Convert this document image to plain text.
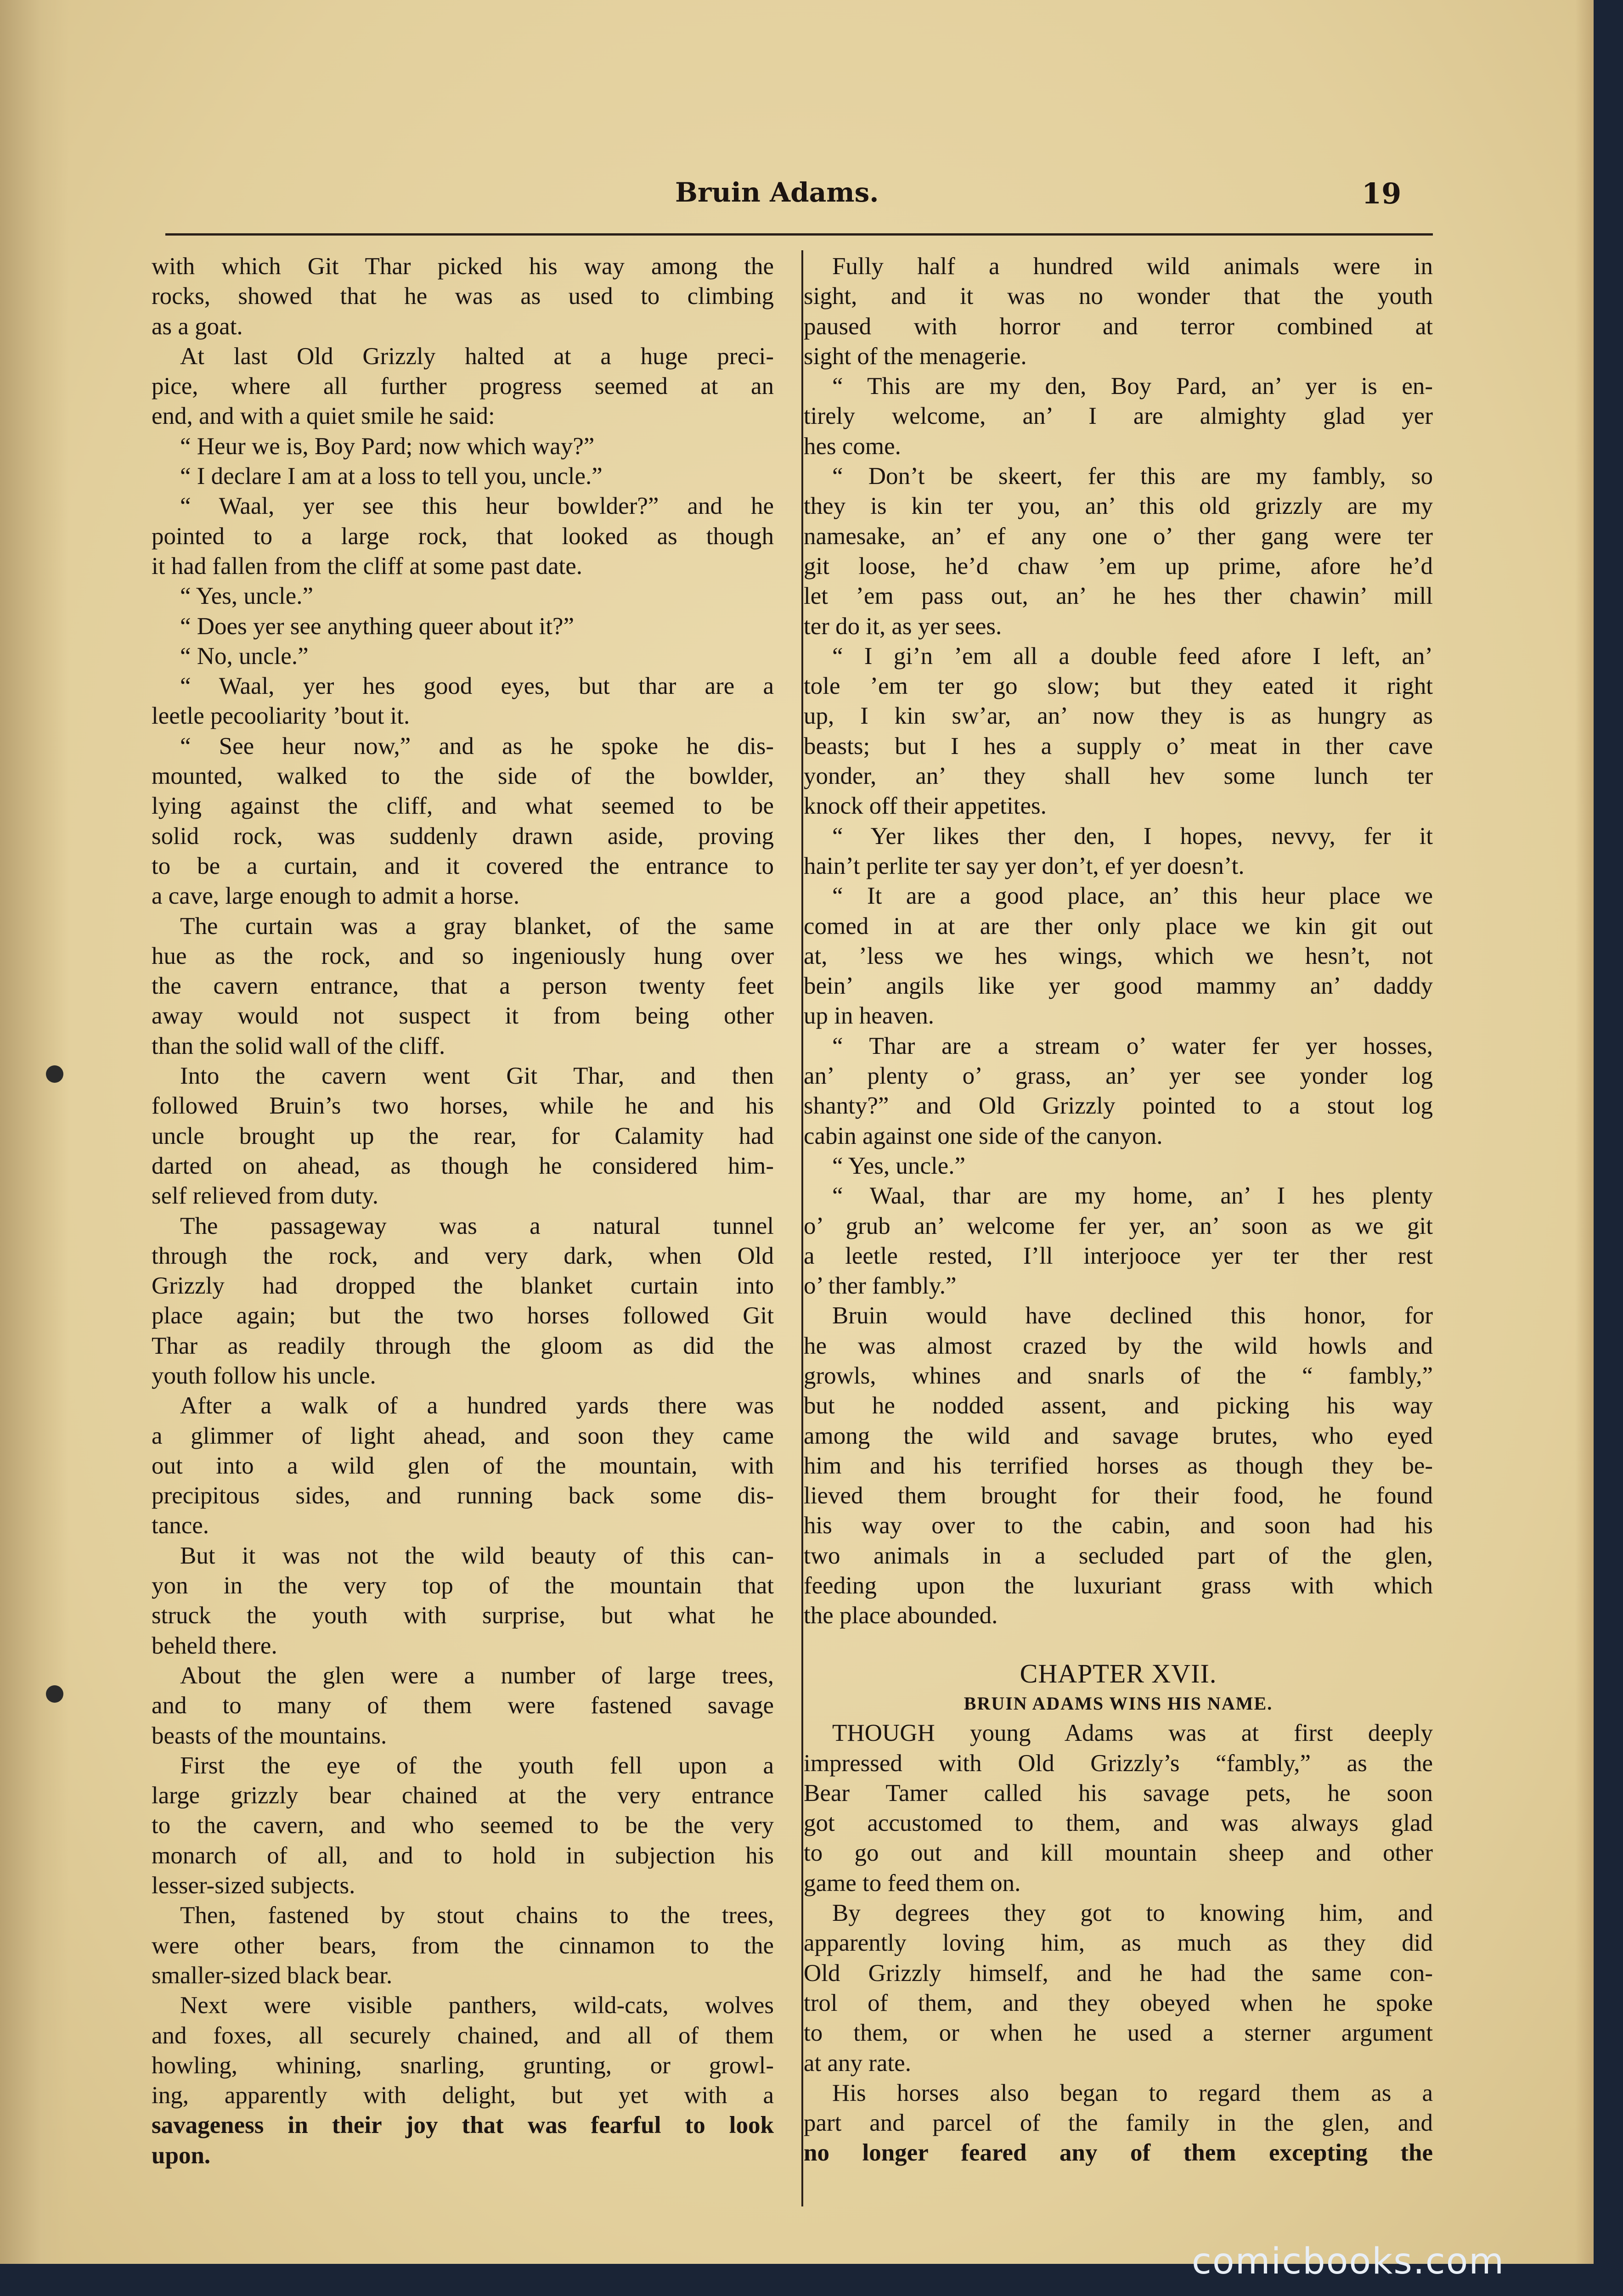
Bruin Adams.	19
with which Git Thar picked his way among the
rocks, showed that he was as used to climbing
as a goat.
At last Old Grizzly halted at a huge preci-
pice, where all further progress seemed at an
end, and with a quiet smile he said:
“ Heur we is, Boy Pard; now which way?”
“ I declare I am at a loss to tell you, uncle.”
“ Waal, yer see this heur bowlder?” and he
pointed to a large rock, that looked as though
it had fallen from the cliff at some past date.
“ Yes, uncle.”
“ Does yer see anything queer about it?”
“ No, uncle.”
“ Waal, yer hes good eyes, but thar are a
leetle pecooliarity ’bout it.
“ See heur now,” and as he spoke he dis-
mounted, walked to the side of the bowlder,
lying against the cliff, and what seemed to be
solid rock, was suddenly drawn aside, proving
to be a curtain, and it covered the entrance to
a cave, large enough to admit a horse.
The curtain was a gray blanket, of the same
hue as the rock, and so ingeniously hung over
the cavern entrance, that a person twenty feet
away would not suspect it from being other
than the solid wall of the cliff.
Into the cavern went Git Thar, and then
followed Bruin’s two horses, while he and his
uncle brought up the rear, for Calamity had
darted on ahead, as though he considered him-
self relieved from duty.
The passageway was a natural tunnel
through the rock, and very dark, when Old
Grizzly had dropped the blanket curtain into
place again; but the two horses followed Git
Thar as readily through the gloom as did the
youth follow his uncle.
After a walk of a hundred yards there was
a glimmer of light ahead, and soon they came
out into a wild glen of the mountain, with
precipitous sides, and running back some dis-
tance.
But it was not the wild beauty of this can-
yon in the very top of the mountain that
struck the youth with surprise, but what he
beheld there.
About the glen were a number of large trees,
and to many of them were fastened savage
beasts of the mountains.
First the eye of the youth fell upon a
large grizzly bear chained at the very entrance
to the cavern, and who seemed to be the very
monarch of all, and to hold in subjection his
lesser-sized subjects.
Then, fastened by stout chains to the trees,
were other bears, from the cinnamon to the
smaller-sized black bear.
Next were visible panthers, wild-cats, wolves
and foxes, all securely chained, and all of them
howling, whining, snarling, grunting, or growl-
ing, apparently with delight, but yet with a
savageness in their joy that was fearful to look
upon.
Fully half a hundred wild animals were in
sight, and it was no wonder that the youth
paused with horror and terror combined at
sight of the menagerie.
“ This are my den, Boy Pard, an’ yer is en-
tirely welcome, an’ I are almighty glad yer
hes come.
“ Don’t be skeert, fer this are my fambly, so
they is kin ter you, an’ this old grizzly are my
namesake, an’ ef any one o’ ther gang were ter
git loose, he’d chaw ’em up prime, afore he’d
let ’em pass out, an’ he hes ther chawin’ mill
ter do it, as yer sees.
“ I gi’n ’em all a double feed afore I left, an’
tole ’em ter go slow; but they eated it right
up, I kin sw’ar, an’ now they is as hungry as
beasts; but I hes a supply o’ meat in ther cave
yonder, an’ they shall hev some lunch ter
knock off their appetites.
“ Yer likes ther den, I hopes, nevvy, fer it
hain’t perlite ter say yer don’t, ef yer doesn’t.
“ It are a good place, an’ this heur place we
comed in at are ther only place we kin git out
at, ’less we hes wings, which we hesn’t, not
bein’ angils like yer good mammy an’ daddy
up in heaven.
“ Thar are a stream o’ water fer yer hosses,
an’ plenty o’ grass, an’ yer see yonder log
shanty?” and Old Grizzly pointed to a stout log
cabin against one side of the canyon.
“ Yes, uncle.”
“ Waal, thar are my home, an’ I hes plenty
o’ grub an’ welcome fer yer, an’ soon as we git
a leetle rested, I’ll interjooce yer ter ther rest
o’ ther fambly.”
Bruin would have declined this honor, for
he was almost crazed by the wild howls and
growls, whines and snarls of the “ fambly,”
but he nodded assent, and picking his way
among the wild and savage brutes, who eyed
him and his terrified horses as though they be-
lieved them brought for their food, he found
his way over to the cabin, and soon had his
two animals in a secluded part of the glen,
feeding upon the luxuriant grass with which
the place abounded.
CHAPTER XVII.
BRUIN ADAMS WINS HIS NAME.
THOUGH young Adams was at first deeply
impressed with Old Grizzly’s “fambly,” as the
Bear Tamer called his savage pets, he soon
got accustomed to them, and was always glad
to go out and kill mountain sheep and other
game to feed them on.
By degrees they got to knowing him, and
apparently loving him, as much as they did
Old Grizzly himself, and he had the same con-
trol of them, and they obeyed when he spoke
to them, or when he used a sterner argument
at any rate.
His horses also began to regard them as a
part and parcel of the family in the glen, and
no longer feared any of them excepting the
comicbooks.com
